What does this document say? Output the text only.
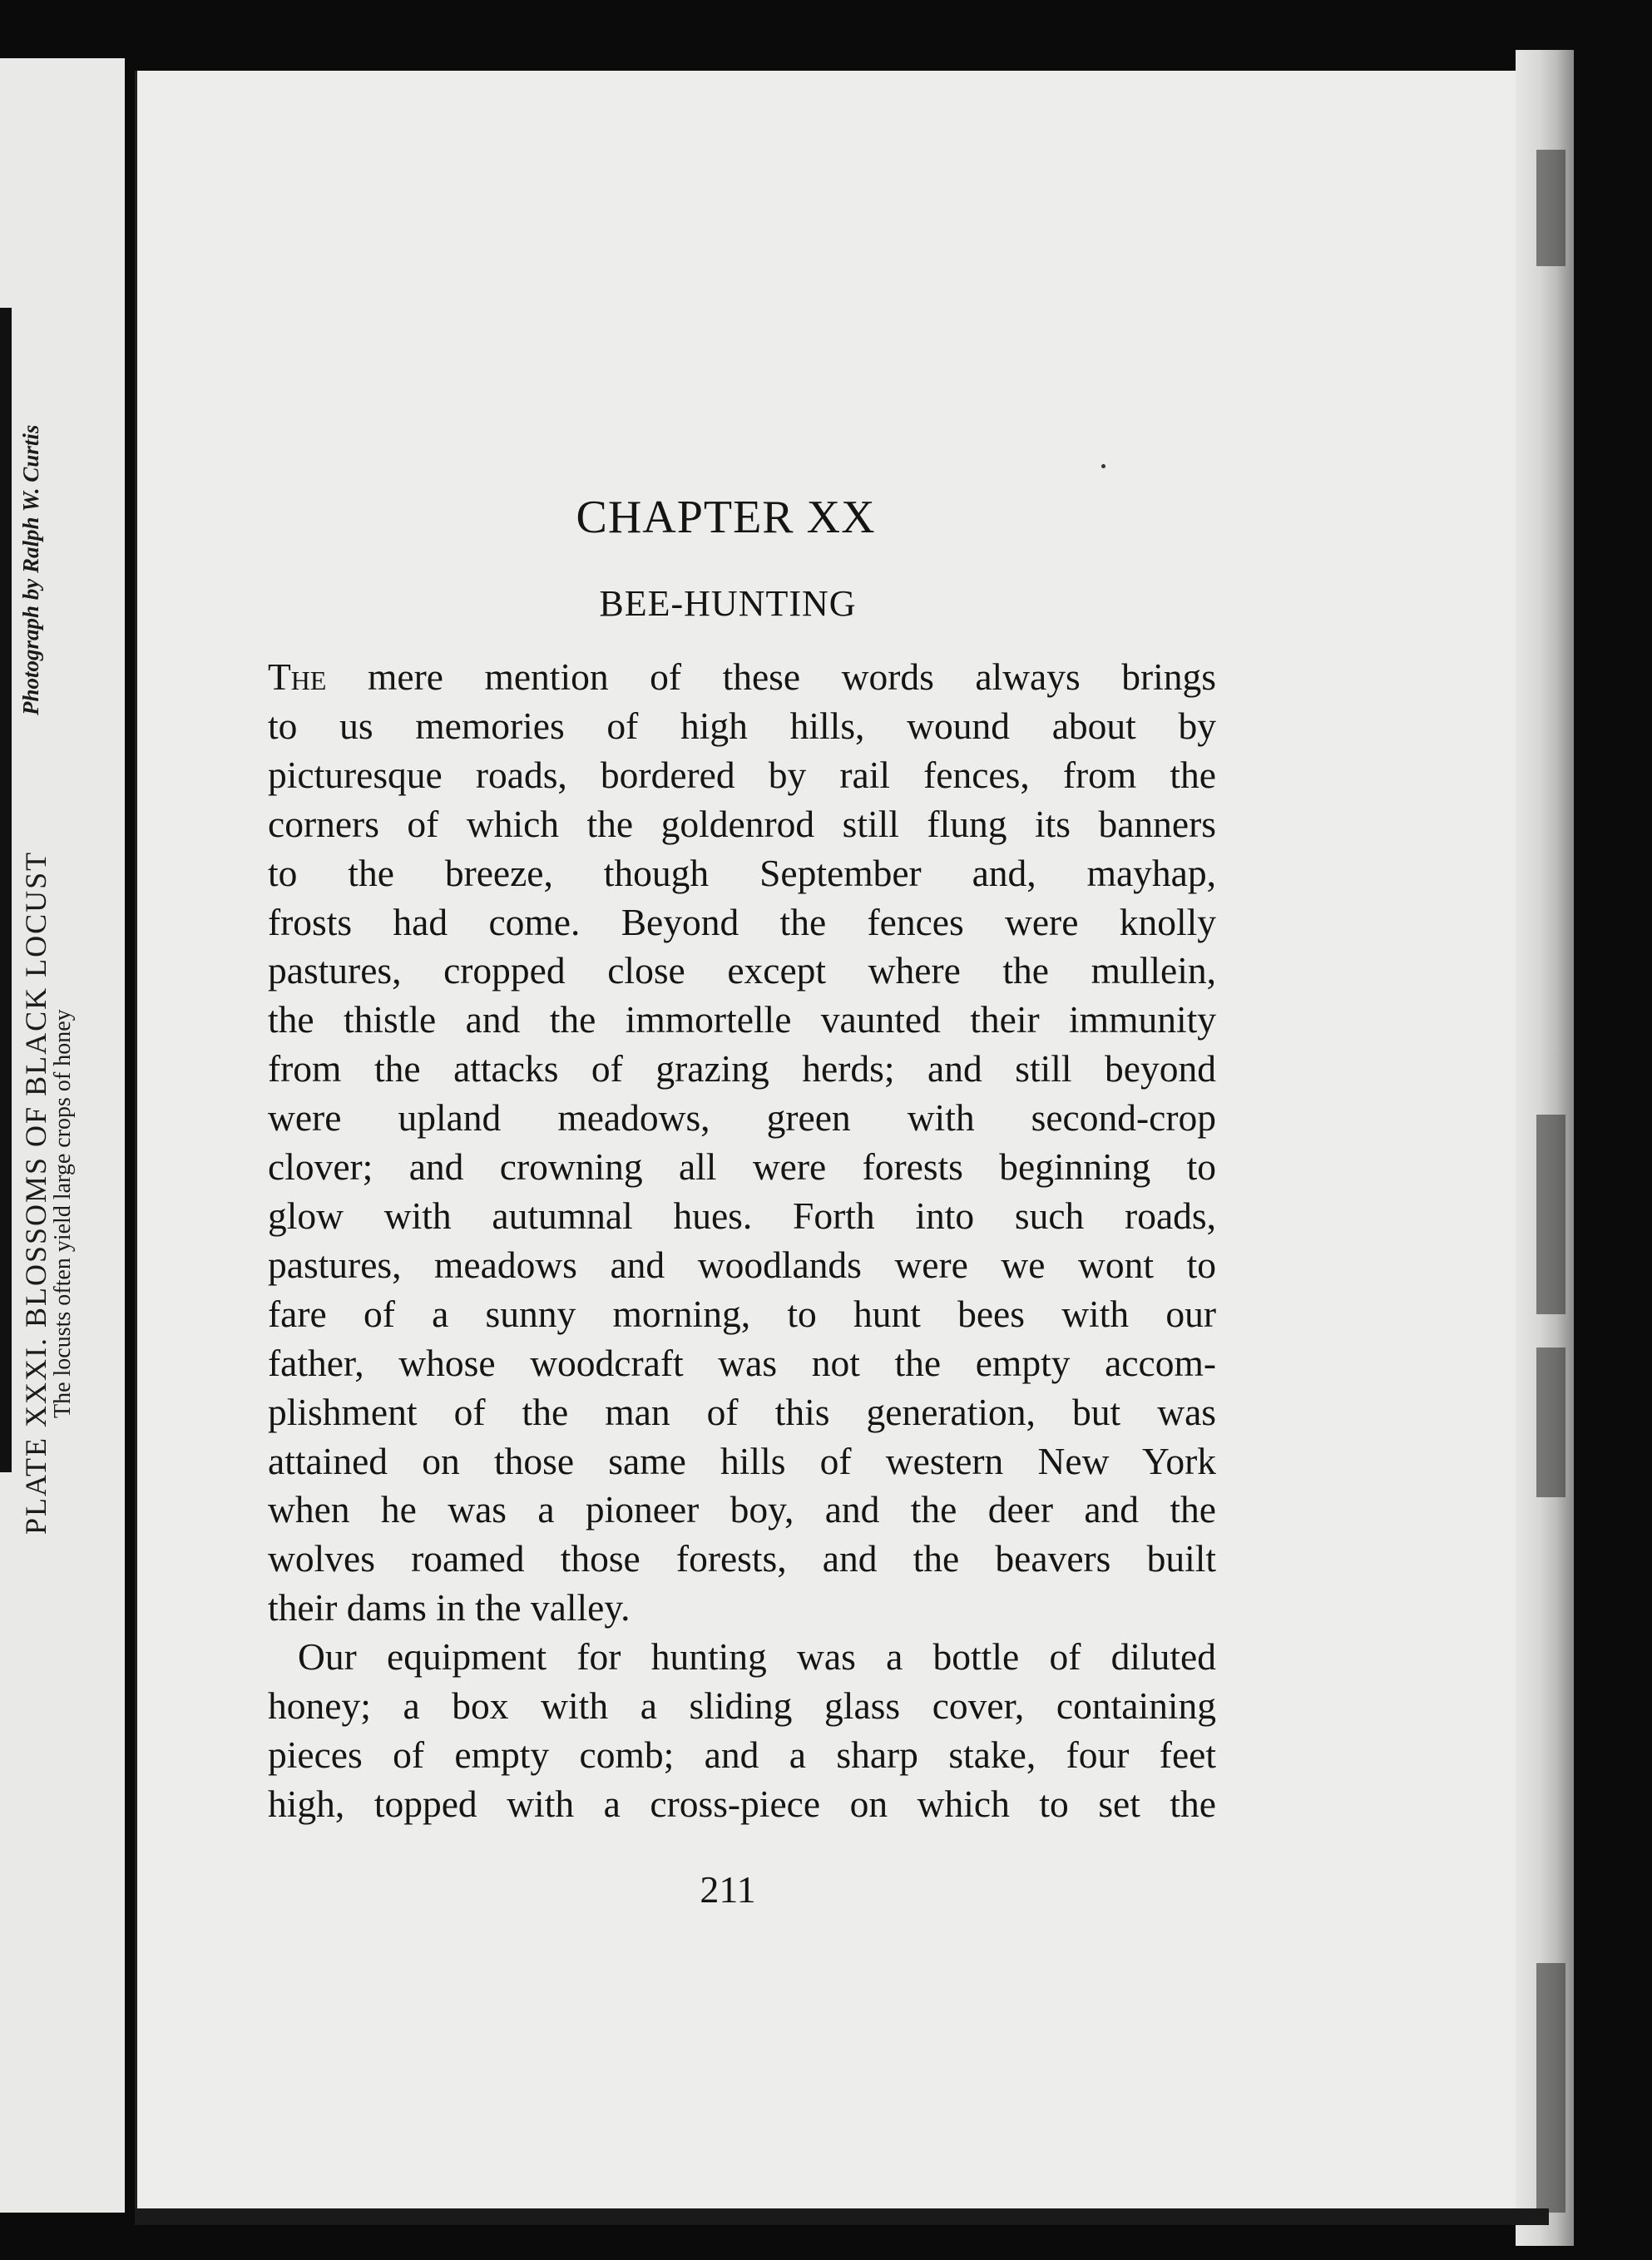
PLATE XXXI. BLOSSOMS OF BLACK LOCUST
The locusts often yield large crops of honey
Photograph by Ralph W. Curtis	CHAPTER XX
BEE-HUNTING
The mere mention of these words always brings
to us memories of high hills, wound about by
picturesque roads, bordered by rail fences, from the
corners of which the goldenrod still flung its banners
to the breeze, though September and, mayhap,
frosts had come. Beyond the fences were knolly
pastures, cropped close except where the mullein,
the thistle and the immortelle vaunted their immunity
from the attacks of grazing herds; and still beyond
were upland meadows, green with second-crop
clover; and crowning all were forests beginning to
glow with autumnal hues. Forth into such roads,
pastures, meadows and woodlands were we wont to
fare of a sunny morning, to hunt bees with our
father, whose woodcraft was not the empty accom-
plishment of the man of this generation, but was
attained on those same hills of western New York
when he was a pioneer boy, and the deer and the
wolves roamed those forests, and the beavers built
their dams in the valley.
Our equipment for hunting was a bottle of diluted
honey; a box with a sliding glass cover, containing
pieces of empty comb; and a sharp stake, four feet
high, topped with a cross-piece on which to set the
211
